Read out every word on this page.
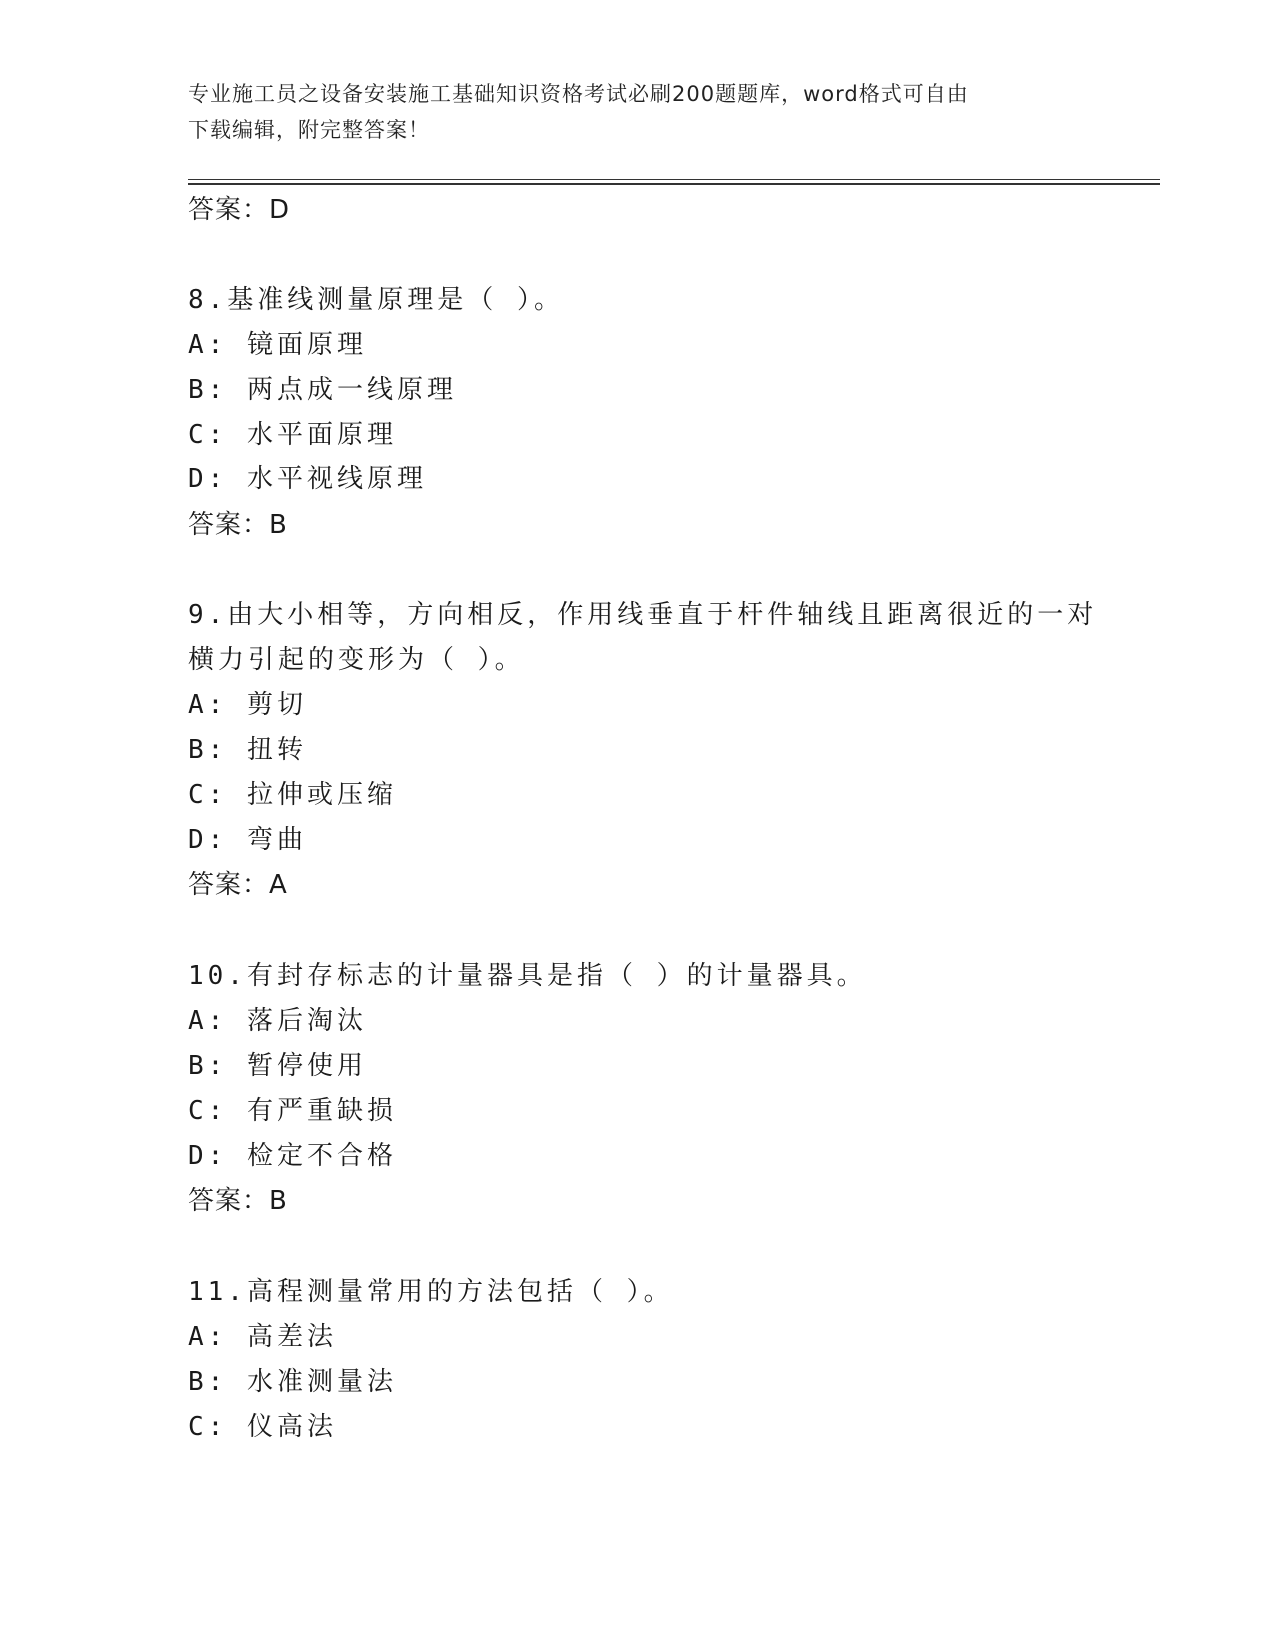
专业施工员之设备安装施工基础知识资格考试必刷200题题库，word格式可自由
下载编辑，附完整答案！
答案：D
8.基准线测量原理是（ ）。
A: 镜面原理
B: 两点成一线原理
C: 水平面原理
D: 水平视线原理
答案：B
9.由大小相等，方向相反，作用线垂直于杆件轴线且距离很近的一对
横力引起的变形为（ ）。
A: 剪切
B: 扭转
C: 拉伸或压缩
D: 弯曲
答案：A
10.有封存标志的计量器具是指（ ）的计量器具。
A: 落后淘汰
B: 暂停使用
C: 有严重缺损
D: 检定不合格
答案：B
11.高程测量常用的方法包括（ ）。
A: 高差法
B: 水准测量法
C: 仪高法
